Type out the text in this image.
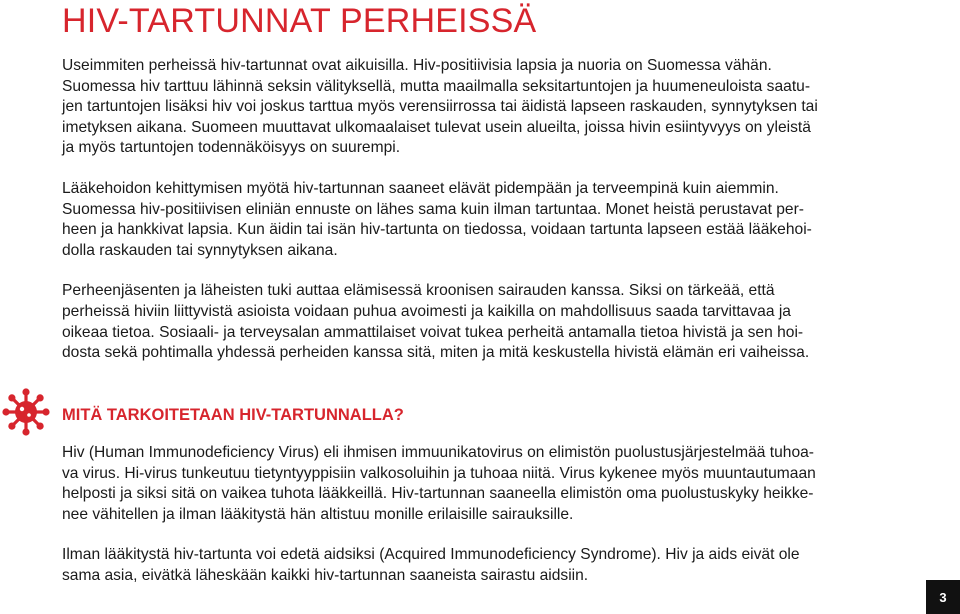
HIV-TARTUNNAT PERHEISSÄ

Useimmiten perheissä hiv-tartunnat ovat aikuisilla. Hiv-positiivisia lapsia ja nuoria on Suomessa vähän.
Suomessa hiv tarttuu lähinnä seksin välityksellä, mutta maailmalla seksitartuntojen ja huumeneuloista saatu-
jen tartuntojen lisäksi hiv voi joskus tarttua myös verensiirrossa tai äidistä lapseen raskauden, synnytyksen tai
imetyksen aikana. Suomeen muuttavat ulkomaalaiset tulevat usein alueilta, joissa hivin esiintyvyys on yleistä
ja myös tartuntojen todennäköisyys on suurempi.

Lääkehoidon kehittymisen myötä hiv-tartunnan saaneet elävät pidempään ja terveempinä kuin aiemmin.
Suomessa hiv-positiivisen eliniän ennuste on lähes sama kuin ilman tartuntaa. Monet heistä perustavat per-
heen ja hankkivat lapsia. Kun äidin tai isän hiv-tartunta on tiedossa, voidaan tartunta lapseen estää lääkehoi-
dolla raskauden tai synnytyksen aikana.

Perheenjäsenten ja läheisten tuki auttaa elämisessä kroonisen sairauden kanssa. Siksi on tärkeää, että
perheissä hiviin liittyvistä asioista voidaan puhua avoimesti ja kaikilla on mahdollisuus saada tarvittavaa ja
oikeaa tietoa. Sosiaali- ja terveysalan ammattilaiset voivat tukea perheitä antamalla tietoa hivistä ja sen hoi-
dosta sekä pohtimalla yhdessä perheiden kanssa sitä, miten ja mitä keskustella hivistä elämän eri vaiheissa.

MITÄ TARKOITETAAN HIV-TARTUNNALLA?

Hiv (Human Immunodeficiency Virus) eli ihmisen immuunikatovirus on elimistön puolustusjärjestelmää tuhoa-
va virus. Hi-virus tunkeutuu tietyntyyppisiin valkosoluihin ja tuhoaa niitä. Virus kykenee myös muuntautumaan
helposti ja siksi sitä on vaikea tuhota lääkkeillä. Hiv-tartunnan saaneella elimistön oma puolustuskyky heikke-
nee vähitellen ja ilman lääkitystä hän altistuu monille erilaisille sairauksille.

Ilman lääkitystä hiv-tartunta voi edetä aidsiksi (Acquired Immunodeficiency Syndrome). Hiv ja aids eivät ole
sama asia, eivätkä läheskään kaikki hiv-tartunnan saaneista sairastu aidsiin.

3
